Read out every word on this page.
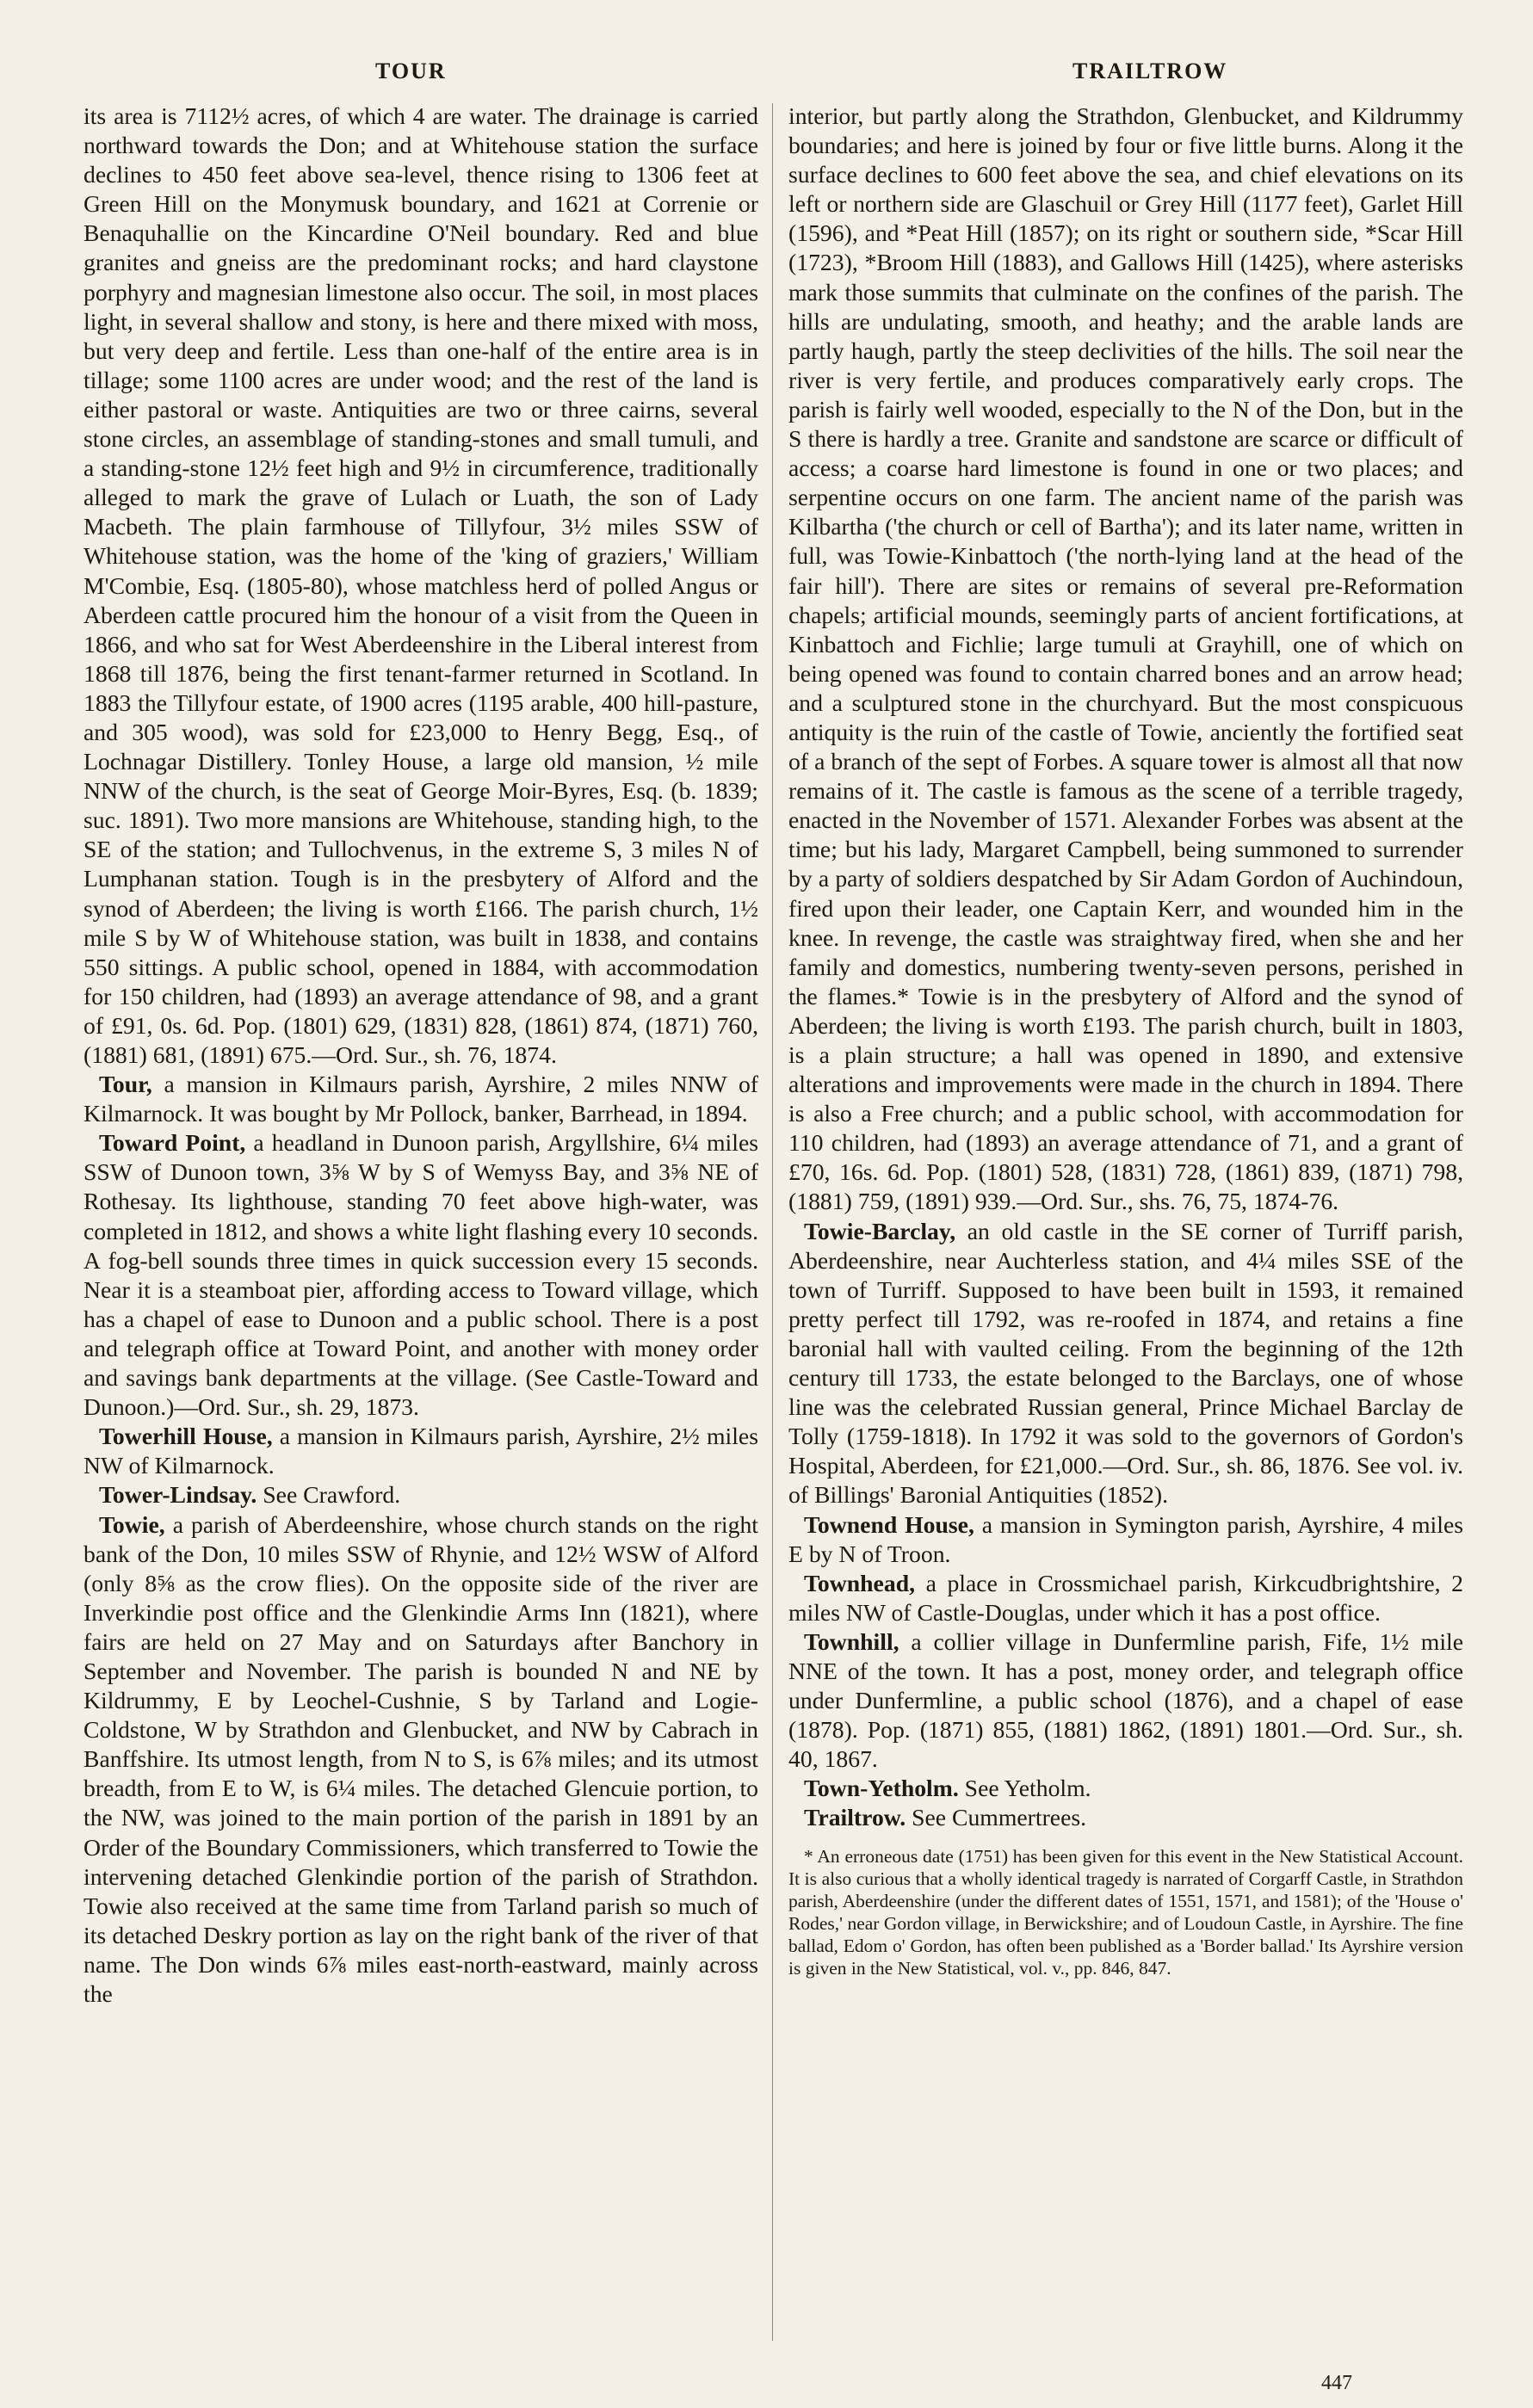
TOUR	TRAILTROW

its area is 7112½ acres, of which 4 are water. The drainage is carried northward towards the Don; and at Whitehouse station the surface declines to 450 feet above sea-level, thence rising to 1306 feet at Green Hill on the Monymusk boundary, and 1621 at Correnie or Benaquhallie on the Kincardine O'Neil boundary. Red and blue granites and gneiss are the predominant rocks; and hard claystone porphyry and magnesian limestone also occur. The soil, in most places light, in several shallow and stony, is here and there mixed with moss, but very deep and fertile. Less than one-half of the entire area is in tillage; some 1100 acres are under wood; and the rest of the land is either pastoral or waste. Antiquities are two or three cairns, several stone circles, an assemblage of standing-stones and small tumuli, and a standing-stone 12½ feet high and 9½ in circumference, traditionally alleged to mark the grave of Lulach or Luath, the son of Lady Macbeth. The plain farmhouse of Tillyfour, 3½ miles SSW of Whitehouse station, was the home of the 'king of graziers,' William M'Combie, Esq. (1805-80), whose matchless herd of polled Angus or Aberdeen cattle procured him the honour of a visit from the Queen in 1866, and who sat for West Aberdeenshire in the Liberal interest from 1868 till 1876, being the first tenant-farmer returned in Scotland. In 1883 the Tillyfour estate, of 1900 acres (1195 arable, 400 hill-pasture, and 305 wood), was sold for £23,000 to Henry Begg, Esq., of Lochnagar Distillery. Tonley House, a large old mansion, ½ mile NNW of the church, is the seat of George Moir-Byres, Esq. (b. 1839; suc. 1891). Two more mansions are Whitehouse, standing high, to the SE of the station; and Tullochvenus, in the extreme S, 3 miles N of Lumphanan station. Tough is in the presbytery of Alford and the synod of Aberdeen; the living is worth £166. The parish church, 1½ mile S by W of Whitehouse station, was built in 1838, and contains 550 sittings. A public school, opened in 1884, with accommodation for 150 children, had (1893) an average attendance of 98, and a grant of £91, 0s. 6d. Pop. (1801) 629, (1831) 828, (1861) 874, (1871) 760, (1881) 681, (1891) 675.—Ord. Sur., sh. 76, 1874.

Tour, a mansion in Kilmaurs parish, Ayrshire, 2 miles NNW of Kilmarnock. It was bought by Mr Pollock, banker, Barrhead, in 1894.

Toward Point, a headland in Dunoon parish, Argyllshire, 6¼ miles SSW of Dunoon town, 3⅝ W by S of Wemyss Bay, and 3⅝ NE of Rothesay. Its lighthouse, standing 70 feet above high-water, was completed in 1812, and shows a white light flashing every 10 seconds. A fog-bell sounds three times in quick succession every 15 seconds. Near it is a steamboat pier, affording access to Toward village, which has a chapel of ease to Dunoon and a public school. There is a post and telegraph office at Toward Point, and another with money order and savings bank departments at the village. (See Castle-Toward and Dunoon.)—Ord. Sur., sh. 29, 1873.

Towerhill House, a mansion in Kilmaurs parish, Ayrshire, 2½ miles NW of Kilmarnock.

Tower-Lindsay. See Crawford.

Towie, a parish of Aberdeenshire, whose church stands on the right bank of the Don, 10 miles SSW of Rhynie, and 12½ WSW of Alford (only 8⅝ as the crow flies). On the opposite side of the river are Inverkindie post office and the Glenkindie Arms Inn (1821), where fairs are held on 27 May and on Saturdays after Banchory in September and November. The parish is bounded N and NE by Kildrummy, E by Leochel-Cushnie, S by Tarland and Logie-Coldstone, W by Strathdon and Glenbucket, and NW by Cabrach in Banffshire. Its utmost length, from N to S, is 6⅞ miles; and its utmost breadth, from E to W, is 6¼ miles. The detached Glencuie portion, to the NW, was joined to the main portion of the parish in 1891 by an Order of the Boundary Commissioners, which transferred to Towie the intervening detached Glenkindie portion of the parish of Strathdon. Towie also received at the same time from Tarland parish so much of its detached Deskry portion as lay on the right bank of the river of that name. The Don winds 6⅞ miles east-north-eastward, mainly across the

interior, but partly along the Strathdon, Glenbucket, and Kildrummy boundaries; and here is joined by four or five little burns. Along it the surface declines to 600 feet above the sea, and chief elevations on its left or northern side are Glaschuil or Grey Hill (1177 feet), Garlet Hill (1596), and *Peat Hill (1857); on its right or southern side, *Scar Hill (1723), *Broom Hill (1883), and Gallows Hill (1425), where asterisks mark those summits that culminate on the confines of the parish. The hills are undulating, smooth, and heathy; and the arable lands are partly haugh, partly the steep declivities of the hills. The soil near the river is very fertile, and produces comparatively early crops. The parish is fairly well wooded, especially to the N of the Don, but in the S there is hardly a tree. Granite and sandstone are scarce or difficult of access; a coarse hard limestone is found in one or two places; and serpentine occurs on one farm. The ancient name of the parish was Kilbartha ('the church or cell of Bartha'); and its later name, written in full, was Towie-Kinbattoch ('the north-lying land at the head of the fair hill'). There are sites or remains of several pre-Reformation chapels; artificial mounds, seemingly parts of ancient fortifications, at Kinbattoch and Fichlie; large tumuli at Grayhill, one of which on being opened was found to contain charred bones and an arrow head; and a sculptured stone in the churchyard. But the most conspicuous antiquity is the ruin of the castle of Towie, anciently the fortified seat of a branch of the sept of Forbes. A square tower is almost all that now remains of it. The castle is famous as the scene of a terrible tragedy, enacted in the November of 1571. Alexander Forbes was absent at the time; but his lady, Margaret Campbell, being summoned to surrender by a party of soldiers despatched by Sir Adam Gordon of Auchindoun, fired upon their leader, one Captain Kerr, and wounded him in the knee. In revenge, the castle was straightway fired, when she and her family and domestics, numbering twenty-seven persons, perished in the flames.* Towie is in the presbytery of Alford and the synod of Aberdeen; the living is worth £193. The parish church, built in 1803, is a plain structure; a hall was opened in 1890, and extensive alterations and improvements were made in the church in 1894. There is also a Free church; and a public school, with accommodation for 110 children, had (1893) an average attendance of 71, and a grant of £70, 16s. 6d. Pop. (1801) 528, (1831) 728, (1861) 839, (1871) 798, (1881) 759, (1891) 939.—Ord. Sur., shs. 76, 75, 1874-76.

Towie-Barclay, an old castle in the SE corner of Turriff parish, Aberdeenshire, near Auchterless station, and 4¼ miles SSE of the town of Turriff. Supposed to have been built in 1593, it remained pretty perfect till 1792, was re-roofed in 1874, and retains a fine baronial hall with vaulted ceiling. From the beginning of the 12th century till 1733, the estate belonged to the Barclays, one of whose line was the celebrated Russian general, Prince Michael Barclay de Tolly (1759-1818). In 1792 it was sold to the governors of Gordon's Hospital, Aberdeen, for £21,000.—Ord. Sur., sh. 86, 1876. See vol. iv. of Billings' Baronial Antiquities (1852).

Townend House, a mansion in Symington parish, Ayrshire, 4 miles E by N of Troon.

Townhead, a place in Crossmichael parish, Kirkcudbrightshire, 2 miles NW of Castle-Douglas, under which it has a post office.

Townhill, a collier village in Dunfermline parish, Fife, 1½ mile NNE of the town. It has a post, money order, and telegraph office under Dunfermline, a public school (1876), and a chapel of ease (1878). Pop. (1871) 855, (1881) 1862, (1891) 1801.—Ord. Sur., sh. 40, 1867.

Town-Yetholm. See Yetholm.

Trailtrow. See Cummertrees.

* An erroneous date (1751) has been given for this event in the New Statistical Account. It is also curious that a wholly identical tragedy is narrated of Corgarff Castle, in Strathdon parish, Aberdeenshire (under the different dates of 1551, 1571, and 1581); of the 'House o' Rodes,' near Gordon village, in Berwickshire; and of Loudoun Castle, in Ayrshire. The fine ballad, Edom o' Gordon, has often been published as a 'Border ballad.' Its Ayrshire version is given in the New Statistical, vol. v., pp. 846, 847.

447
